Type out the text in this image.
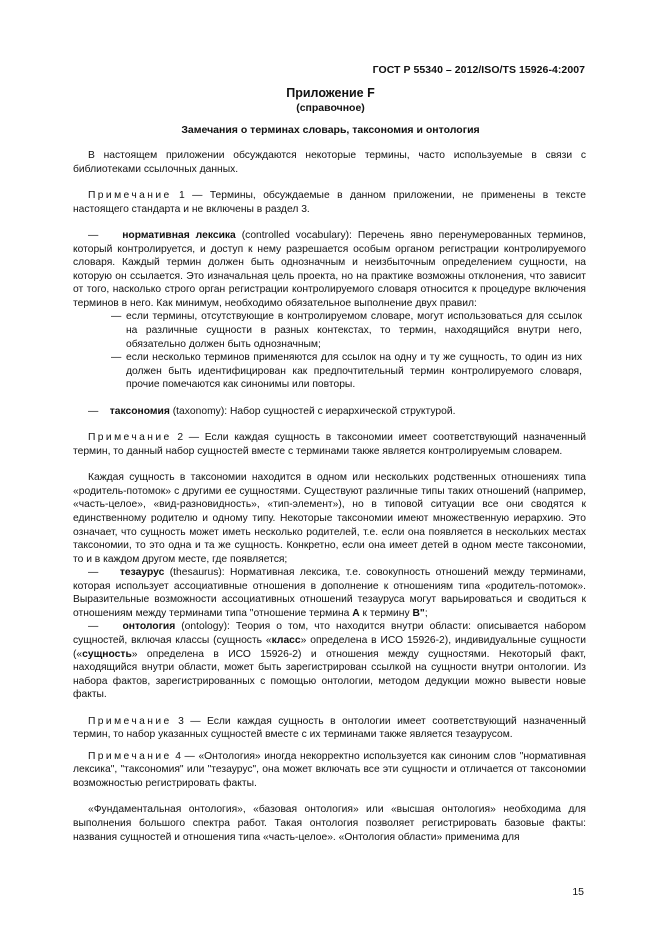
ГОСТ Р 55340 – 2012/ISO/TS 15926-4:2007
Приложение F
(справочное)
Замечания о терминах словарь, таксономия и онтология

В настоящем приложении обсуждаются некоторые термины, часто используемые в связи с библиотеками ссылочных данных.

Примечание 1 — Термины, обсуждаемые в данном приложении, не применены в тексте настоящего стандарта и не включены в раздел 3.

— нормативная лексика (controlled vocabulary): Перечень явно перенумерованных терминов, который контролируется, и доступ к нему разрешается особым органом регистрации контролируемого словаря. Каждый термин должен быть однозначным и неизбыточным определением сущности, на которую он ссылается. Это изначальная цель проекта, но на практике возможны отклонения, что зависит от того, насколько строго орган регистрации контролируемого словаря относится к процедуре включения терминов в него. Как минимум, необходимо обязательное выполнение двух правил:

— если термины, отсутствующие в контролируемом словаре, могут использоваться для ссылок на различные сущности в разных контекстах, то термин, находящийся внутри него, обязательно должен быть однозначным;
— если несколько терминов применяются для ссылок на одну и ту же сущность, то один из них должен быть идентифицирован как предпочтительный термин контролируемого словаря, прочие помечаются как синонимы или повторы.

— таксономия (taxonomy): Набор сущностей с иерархической структурой.

Примечание 2 — Если каждая сущность в таксономии имеет соответствующий назначенный термин, то данный набор сущностей вместе с терминами также является контролируемым словарем.

Каждая сущность в таксономии находится в одном или нескольких родственных отношениях типа «родитель-потомок» с другими ее сущностями. Существуют различные типы таких отношений (например, «часть-целое», «вид-разновидность», «тип-элемент»), но в типовой ситуации все они сводятся к единственному родителю и одному типу. Некоторые таксономии имеют множественную иерархию. Это означает, что сущность может иметь несколько родителей, т.е. если она появляется в нескольких местах таксономии, то это одна и та же сущность. Конкретно, если она имеет детей в одном месте таксономии, то и в каждом другом месте, где появляется;

— тезаурус (thesaurus): Нормативная лексика, т.е. совокупность отношений между терминами, которая использует ассоциативные отношения в дополнение к отношениям типа «родитель-потомок». Выразительные возможности ассоциативных отношений тезауруса могут варьироваться и сводиться к отношениям между терминами типа "отношение термина A к термину B";

— онтология (ontology): Теория о том, что находится внутри области: описывается набором сущностей, включая классы (сущность «класс» определена в ИСО 15926-2), индивидуальные сущности («сущность» определена в ИСО 15926-2) и отношения между сущностями. Некоторый факт, находящийся внутри области, может быть зарегистрирован ссылкой на сущности внутри онтологии. Из набора фактов, зарегистрированных с помощью онтологии, методом дедукции можно вывести новые факты.

Примечание 3 — Если каждая сущность в онтологии имеет соответствующий назначенный термин, то набор указанных сущностей вместе с их терминами также является тезаурусом.

Примечание 4 — «Онтология» иногда некорректно используется как синоним слов "нормативная лексика", "таксономия" или "тезаурус", она может включать все эти сущности и отличается от таксономии возможностью регистрировать факты.

«Фундаментальная онтология», «базовая онтология» или «высшая онтология» необходима для выполнения большого спектра работ. Такая онтология позволяет регистрировать базовые факты: названия сущностей и отношения типа «часть-целое». «Онтология области» применима для

15
